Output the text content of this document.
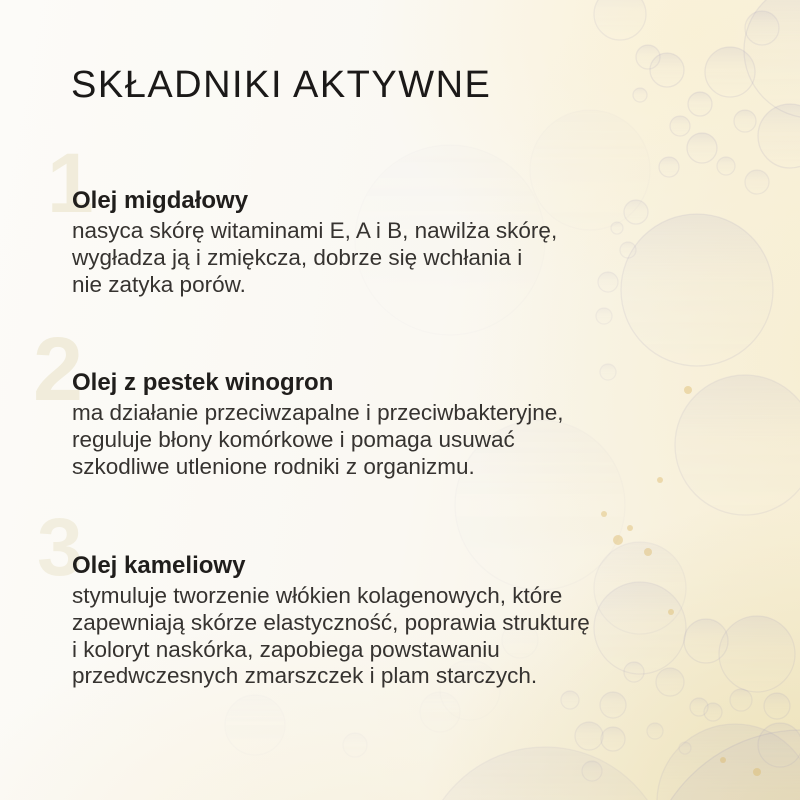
1
2
3
SKŁADNIKI AKTYWNE
Olej migdałowy

nasyca skórę witaminami E, A i B, nawilża skórę,
wygładza ją i zmiękcza, dobrze się wchłania i
nie zatyka porów.

Olej z pestek winogron

ma działanie przeciwzapalne i przeciwbakteryjne,
reguluje błony komórkowe i pomaga usuwać
szkodliwe utlenione rodniki z organizmu.

Olej kameliowy

stymuluje tworzenie włókien kolagenowych, które
zapewniają skórze elastyczność, poprawia strukturę
i koloryt naskórka, zapobiega powstawaniu
przedwczesnych zmarszczek i plam starczych.
